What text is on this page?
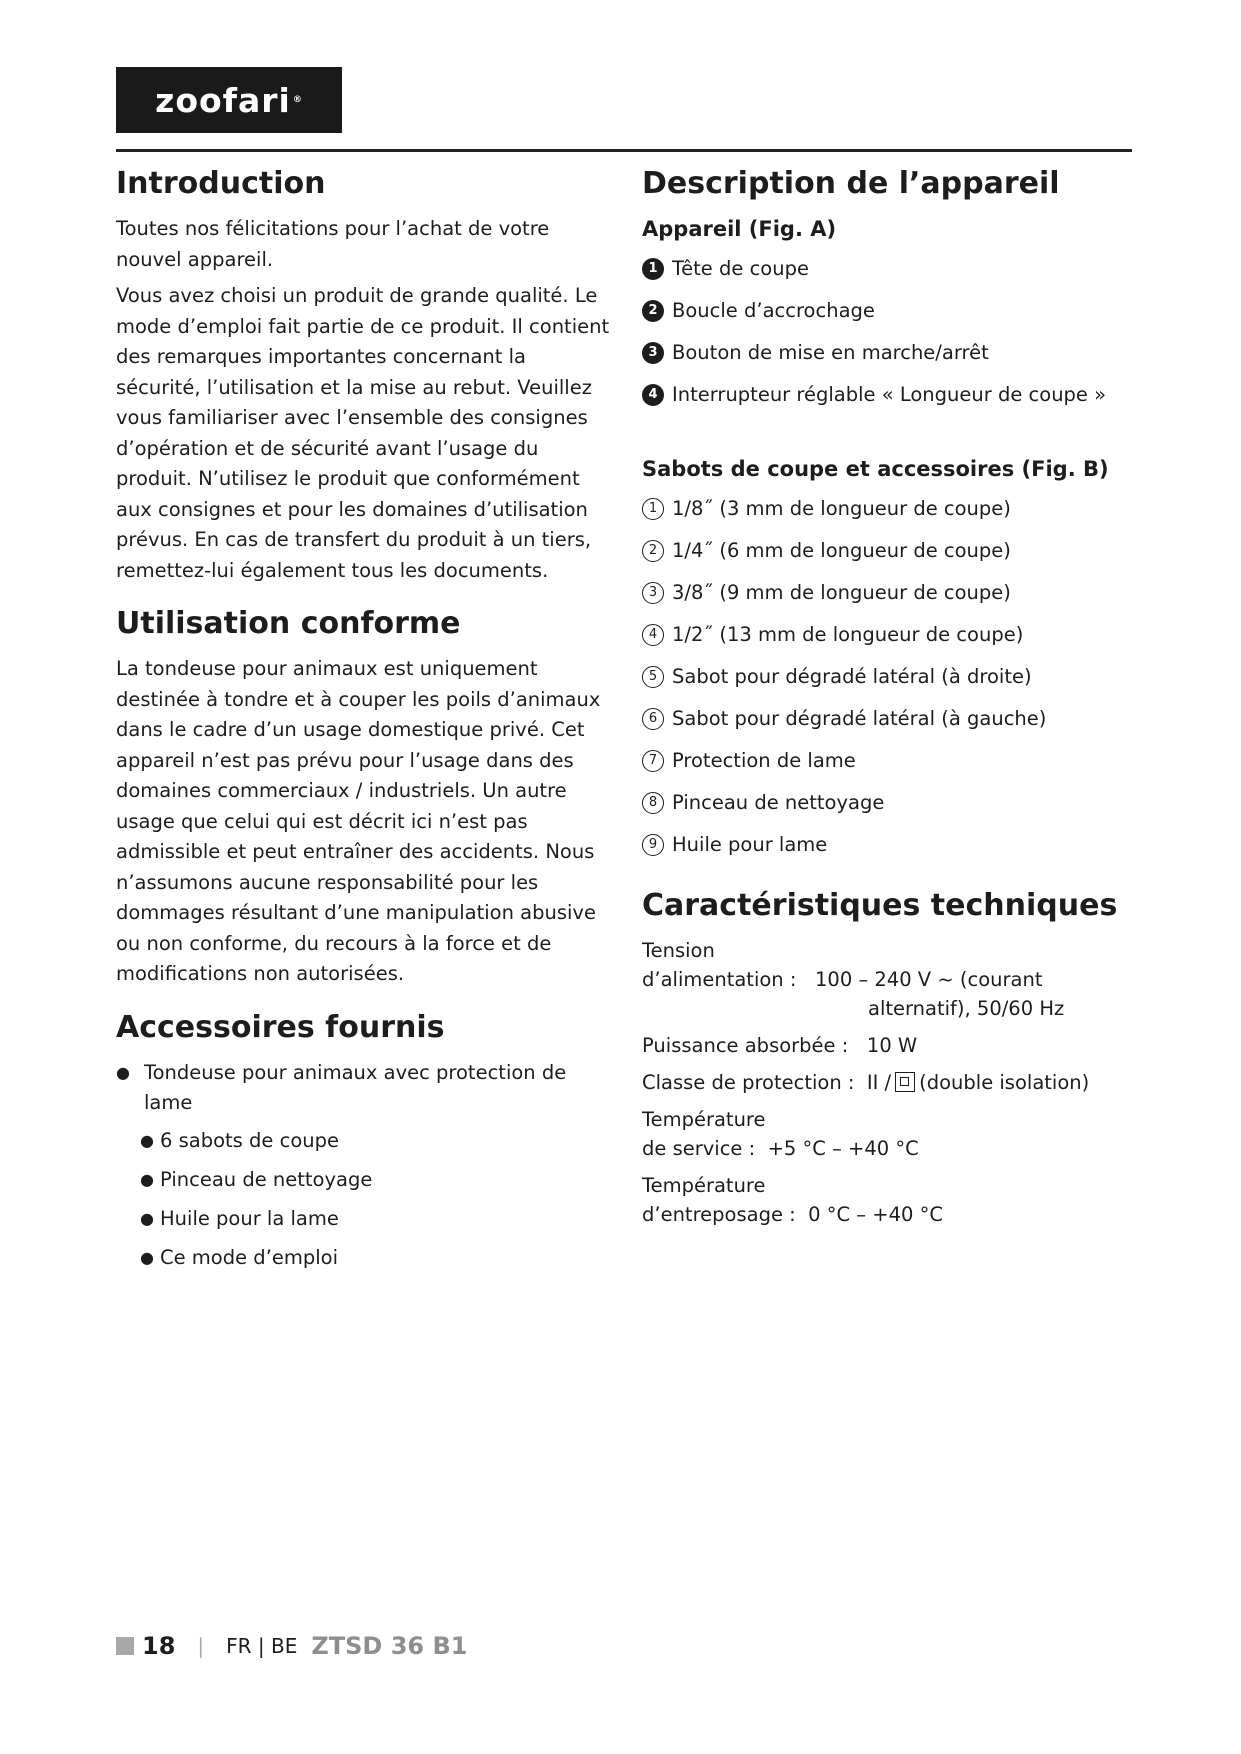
zoofari ®
Introduction

Toutes nos félicitations pour l’achat de votre nouvel appareil.

Vous avez choisi un produit de grande qualité. Le mode d’emploi fait partie de ce produit. Il contient des remarques importantes concernant la sécurité, l’utilisation et la mise au rebut. Veuillez vous familiariser avec l’ensemble des consignes d’opération et de sécurité avant l’usage du produit. N’utilisez le produit que conformément aux consignes et pour les domaines d’utilisation prévus. En cas de transfert du produit à un tiers, remettez-lui également tous les documents.

Utilisation conforme

La tondeuse pour animaux est uniquement destinée à tondre et à couper les poils d’animaux dans le cadre d’un usage domestique privé. Cet appareil n’est pas prévu pour l’usage dans des domaines commerciaux / industriels. Un autre usage que celui qui est décrit ici n’est pas admissible et peut entraîner des accidents. Nous n’assumons aucune responsabilité pour les dommages résultant d’une manipulation abusive ou non conforme, du recours à la force et de modifications non autorisées.

Accessoires fournis
● Tondeuse pour animaux avec protection de lame
● 6 sabots de coupe
● Pinceau de nettoyage
● Huile pour la lame
● Ce mode d’emploi
Description de l’appareil
Appareil (Fig. A)
1 Tête de coupe
2 Boucle d’accrochage
3 Bouton de mise en marche/arrêt
4 Interrupteur réglable « Longueur de coupe »
Sabots de coupe et accessoires (Fig. B)
1 1/8˝ (3 mm de longueur de coupe)
2 1/4˝ (6 mm de longueur de coupe)
3 3/8˝ (9 mm de longueur de coupe)
4 1/2˝ (13 mm de longueur de coupe)
5 Sabot pour dégradé latéral (à droite)
6 Sabot pour dégradé latéral (à gauche)
7 Protection de lame
8 Pinceau de nettoyage
9 Huile pour lame
Caractéristiques techniques
Tension
d’alimentation :   100 – 240 V ~ (courant
alternatif), 50/60 Hz
Puissance absorbée :   10 W
Classe de protection :  II / (double isolation)
Température
de service :  +5 °C – +40 °C
Température
d’entreposage :  0 °C – +40 °C
18 | FR | BE ZTSD 36 B1
